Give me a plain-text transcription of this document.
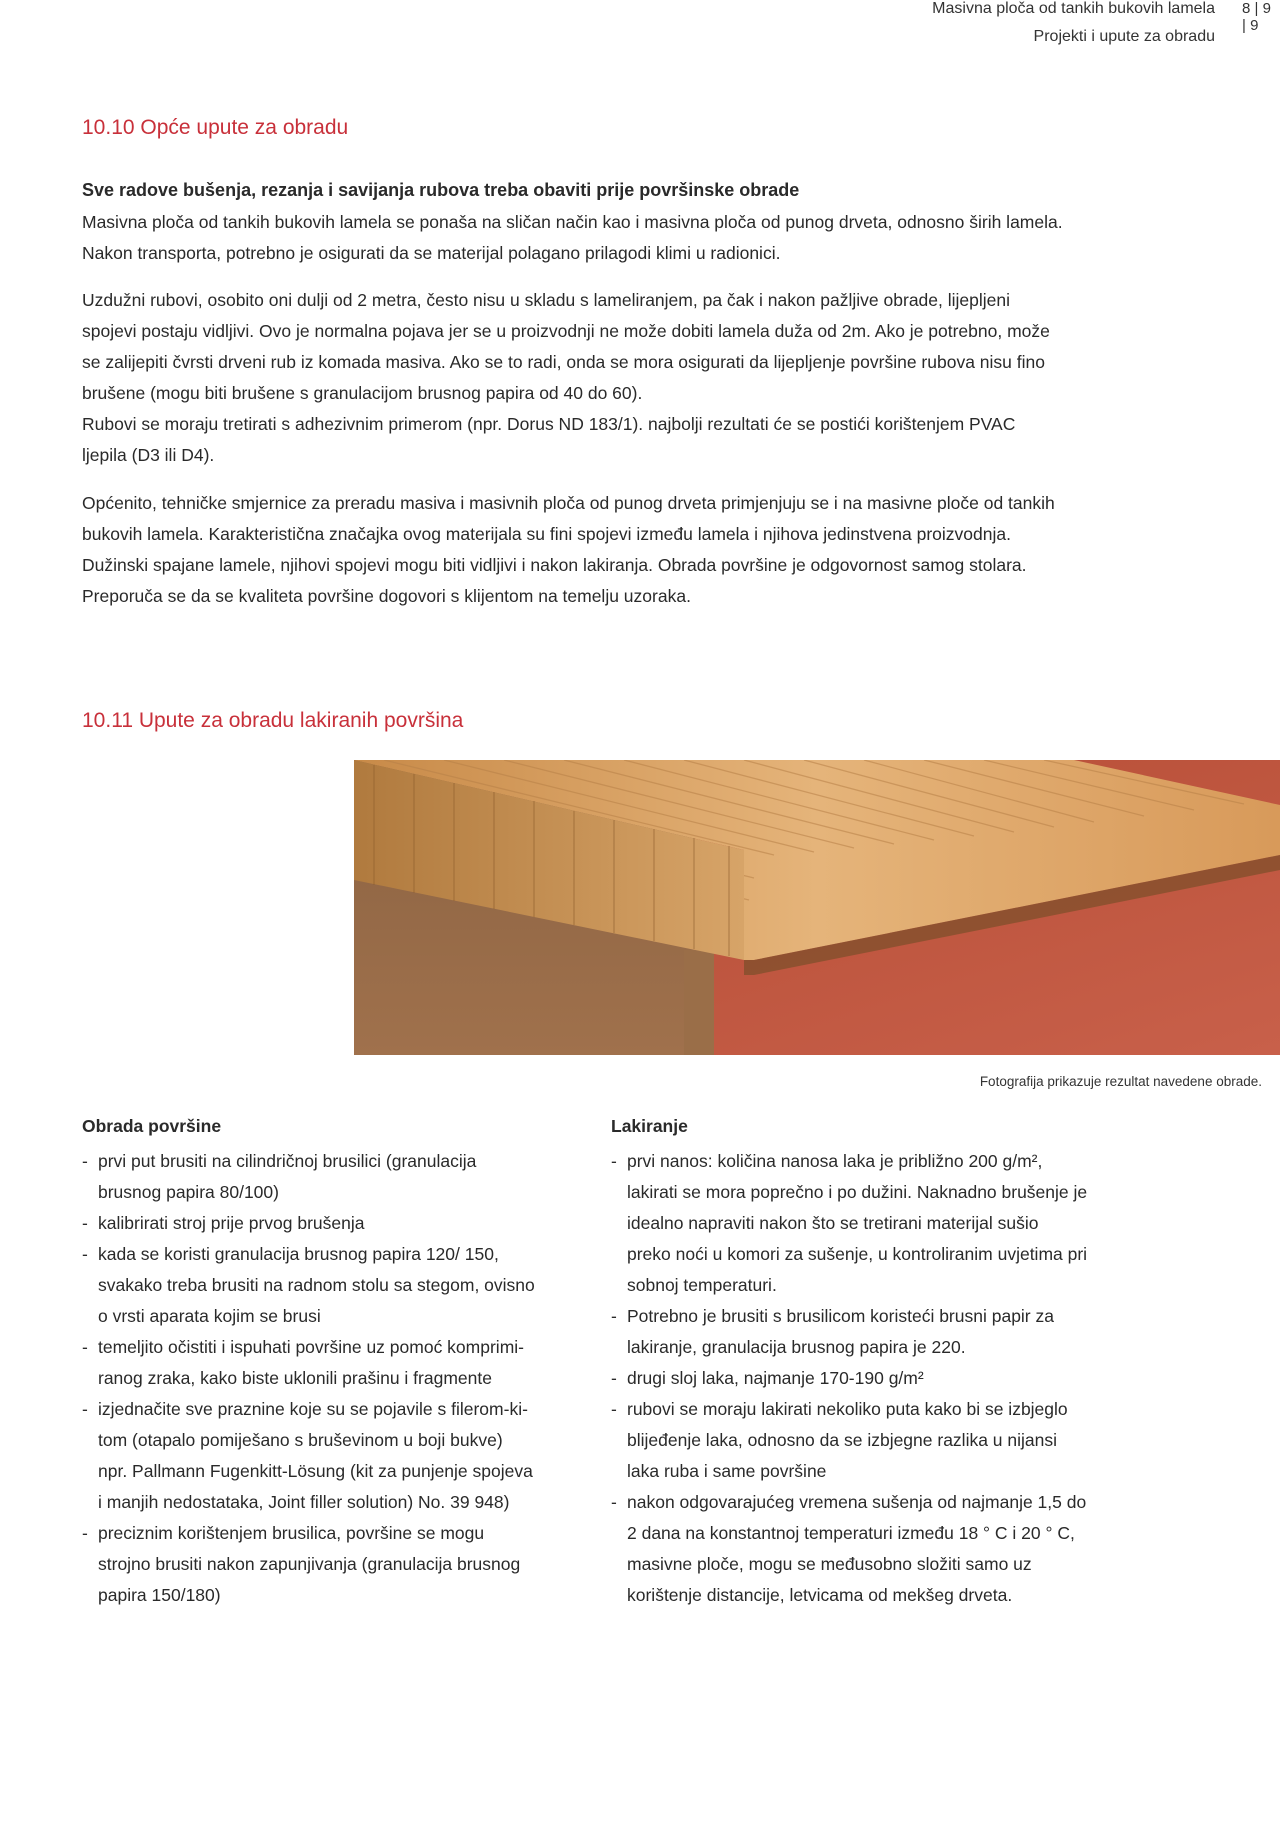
Masivna ploča od tankih bukovih lamela
Projekti i upute za obradu
8 | 9
| 9
10.10 Opće upute za obradu
Sve radove bušenja, rezanja i savijanja rubova treba obaviti prije površinske obrade
Masivna ploča od tankih bukovih lamela se ponaša na sličan način kao i masivna ploča od punog drveta, odnosno širih lamela.
Nakon transporta, potrebno je osigurati da se materijal polagano prilagodi klimi u radionici.
Uzdužni rubovi, osobito oni dulji od 2 metra, često nisu u skladu s lameliranjem, pa čak i nakon pažljive obrade, lijepljeni
spojevi postaju vidljivi. Ovo je normalna pojava jer se u proizvodnji ne može dobiti lamela duža od 2m. Ako je potrebno, može
se zalijepiti čvrsti drveni rub iz komada masiva. Ako se to radi, onda se mora osigurati da lijepljenje površine rubova nisu fino
brušene (mogu biti brušene s granulacijom brusnog papira od 40 do 60).
Rubovi se moraju tretirati s adhezivnim primerom (npr. Dorus ND 183/1). najbolji rezultati će se postići korištenjem PVAC
ljepila (D3 ili D4).
Općenito, tehničke smjernice za preradu masiva i masivnih ploča od punog drveta primjenjuju se i na masivne ploče od tankih
bukovih lamela. Karakteristična značajka ovog materijala su fini spojevi između lamela i njihova jedinstvena proizvodnja.
Dužinski spajane lamele, njihovi spojevi mogu biti vidljivi i nakon lakiranja. Obrada površine je odgovornost samog stolara.
Preporuča se da se kvaliteta površine dogovori s klijentom na temelju uzoraka.
10.11 Upute za obradu lakiranih površina
Fotografija prikazuje rezultat navedene obrade.
Obrada površine
- prvi put brusiti na cilindričnoj brusilici (granulacija
brusnog papira 80/100)
- kalibrirati stroj prije prvog brušenja
- kada se koristi granulacija brusnog papira 120/ 150,
svakako treba brusiti na radnom stolu sa stegom, ovisno
o vrsti aparata kojim se brusi
- temeljito očistiti i ispuhati površine uz pomoć komprimi-
ranog zraka, kako biste uklonili prašinu i fragmente
- izjednačite sve praznine koje su se pojavile s filerom-ki-
tom (otapalo pomiješano s bruševinom u boji bukve)
npr. Pallmann Fugenkitt-Lösung (kit za punjenje spojeva
i manjih nedostataka, Joint filler solution) No. 39 948)
- preciznim korištenjem brusilica, površine se mogu
strojno brusiti nakon zapunjivanja (granulacija brusnog
papira 150/180)
Lakiranje
- prvi nanos: količina nanosa laka je približno 200 g/m²,
lakirati se mora poprečno i po dužini. Naknadno brušenje je
idealno napraviti nakon što se tretirani materijal sušio
preko noći u komori za sušenje, u kontroliranim uvjetima pri
sobnoj temperaturi.
- Potrebno je brusiti s brusilicom koristeći brusni papir za
lakiranje, granulacija brusnog papira je 220.
- drugi sloj laka, najmanje 170-190 g/m²
- rubovi se moraju lakirati nekoliko puta kako bi se izbjeglo
blijeđenje laka, odnosno da se izbjegne razlika u nijansi
laka ruba i same površine
- nakon odgovarajućeg vremena sušenja od najmanje 1,5 do
2 dana na konstantnoj temperaturi između 18 ° C i 20 ° C,
masivne ploče, mogu se međusobno složiti samo uz
korištenje distancije, letvicama od mekšeg drveta.
